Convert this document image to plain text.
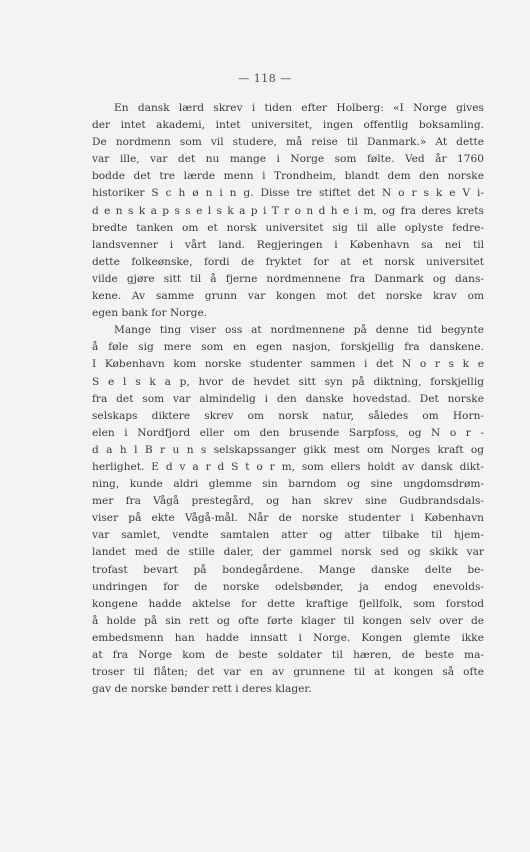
— 118 —
En dansk lærd skrev i tiden efter Holberg: «I Norge gives
der intet akademi, intet universitet, ingen offentlig boksamling.
De nordmenn som vil studere, må reise til Danmark.» At dette
var ille, var det nu mange i Norge som følte. Ved år 1760
bodde det tre lærde menn i Trondheim, blandt dem den norske
historiker S c h ø n i n g. Disse tre stiftet det N o r s k e V i-
d e n s k a p s s e l s k a p i T r o n d h e i m, og fra deres krets
bredte tanken om et norsk universitet sig til alle oplyste fedre-
landsvenner i vårt land. Regjeringen i København sa nei til
dette folkeønske, fordi de fryktet for at et norsk universitet
vilde gjøre sitt til å fjerne nordmennene fra Danmark og dans-
kene. Av samme grunn var kongen mot det norske krav om
egen bank for Norge.
Mange ting viser oss at nordmennene på denne tid begynte
å føle sig mere som en egen nasjon, forskjellig fra danskene.
I København kom norske studenter sammen i det N o r s k e
S e l s k a p, hvor de hevdet sitt syn på diktning, forskjellig
fra det som var almindelig i den danske hovedstad. Det norske
selskaps diktere skrev om norsk natur, således om Horn-
elen i Nordfjord eller om den brusende Sarpfoss, og N o r -
d a h l B r u n s selskapssanger gikk mest om Norges kraft og
herlighet. E d v a r d S t o r m, som ellers holdt av dansk dikt-
ning, kunde aldri glemme sin barndom og sine ungdomsdrøm-
mer fra Vågå prestegård, og han skrev sine Gudbrandsdals-
viser på ekte Vågå-mål. Når de norske studenter i København
var samlet, vendte samtalen atter og atter tilbake til hjem-
landet med de stille daler, der gammel norsk sed og skikk var
trofast bevart på bondegårdene. Mange danske delte be-
undringen for de norske odelsbønder, ja endog enevolds-
kongene hadde aktelse for dette kraftige fjellfolk, som forstod
å holde på sin rett og ofte førte klager til kongen selv over de
embedsmenn han hadde innsatt i Norge. Kongen glemte ikke
at fra Norge kom de beste soldater til hæren, de beste ma-
troser til flåten; det var en av grunnene til at kongen så ofte
gav de norske bønder rett i deres klager.
